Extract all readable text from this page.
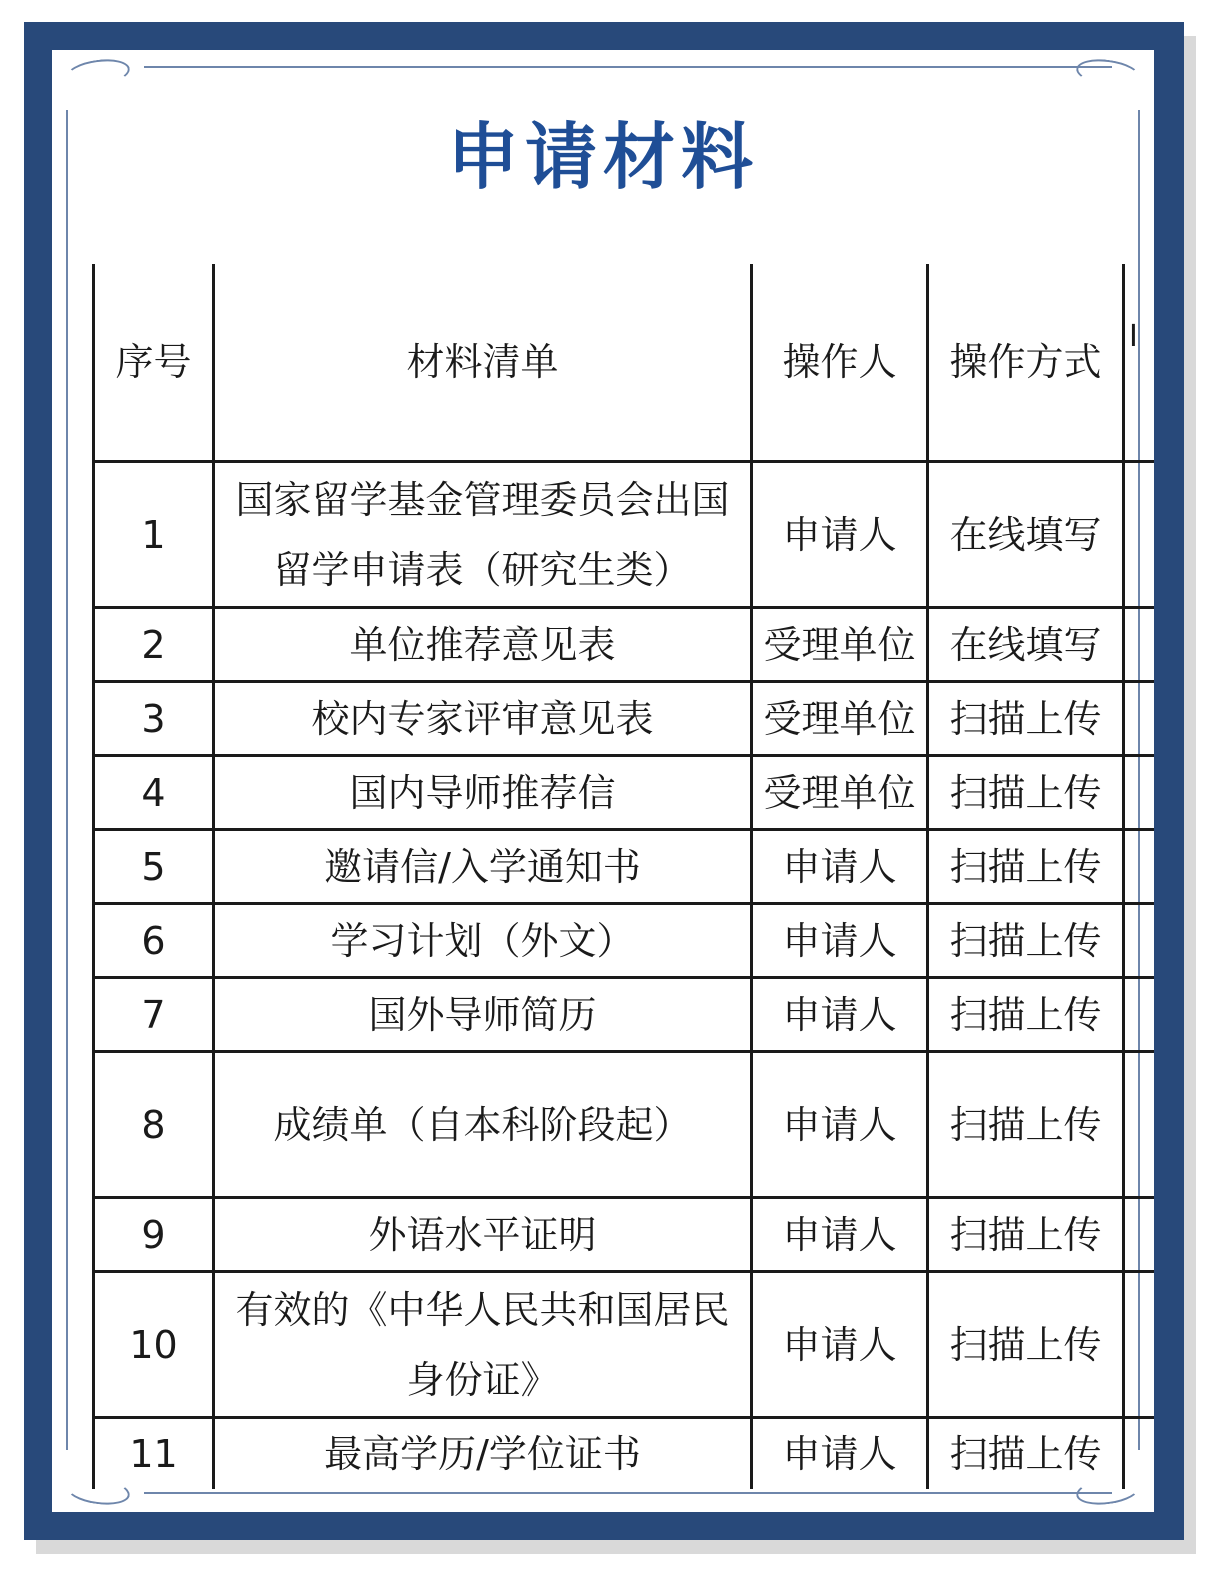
申请材料
序号	材料清单	操作人	操作方式	I

1	国家留学基金管理委员会出国留学申请表（研究生类）	申请人	在线填写	
2	单位推荐意见表	受理单位	在线填写	
3	校内专家评审意见表	受理单位	扫描上传	
4	国内导师推荐信	受理单位	扫描上传	
5	邀请信/入学通知书	申请人	扫描上传	
6	学习计划（外文）	申请人	扫描上传	
7	国外导师简历	申请人	扫描上传	
8	成绩单（自本科阶段起）	申请人	扫描上传	
9	外语水平证明	申请人	扫描上传	
10	有效的《中华人民共和国居民身份证》	申请人	扫描上传	
11	最高学历/学位证书	申请人	扫描上传	
